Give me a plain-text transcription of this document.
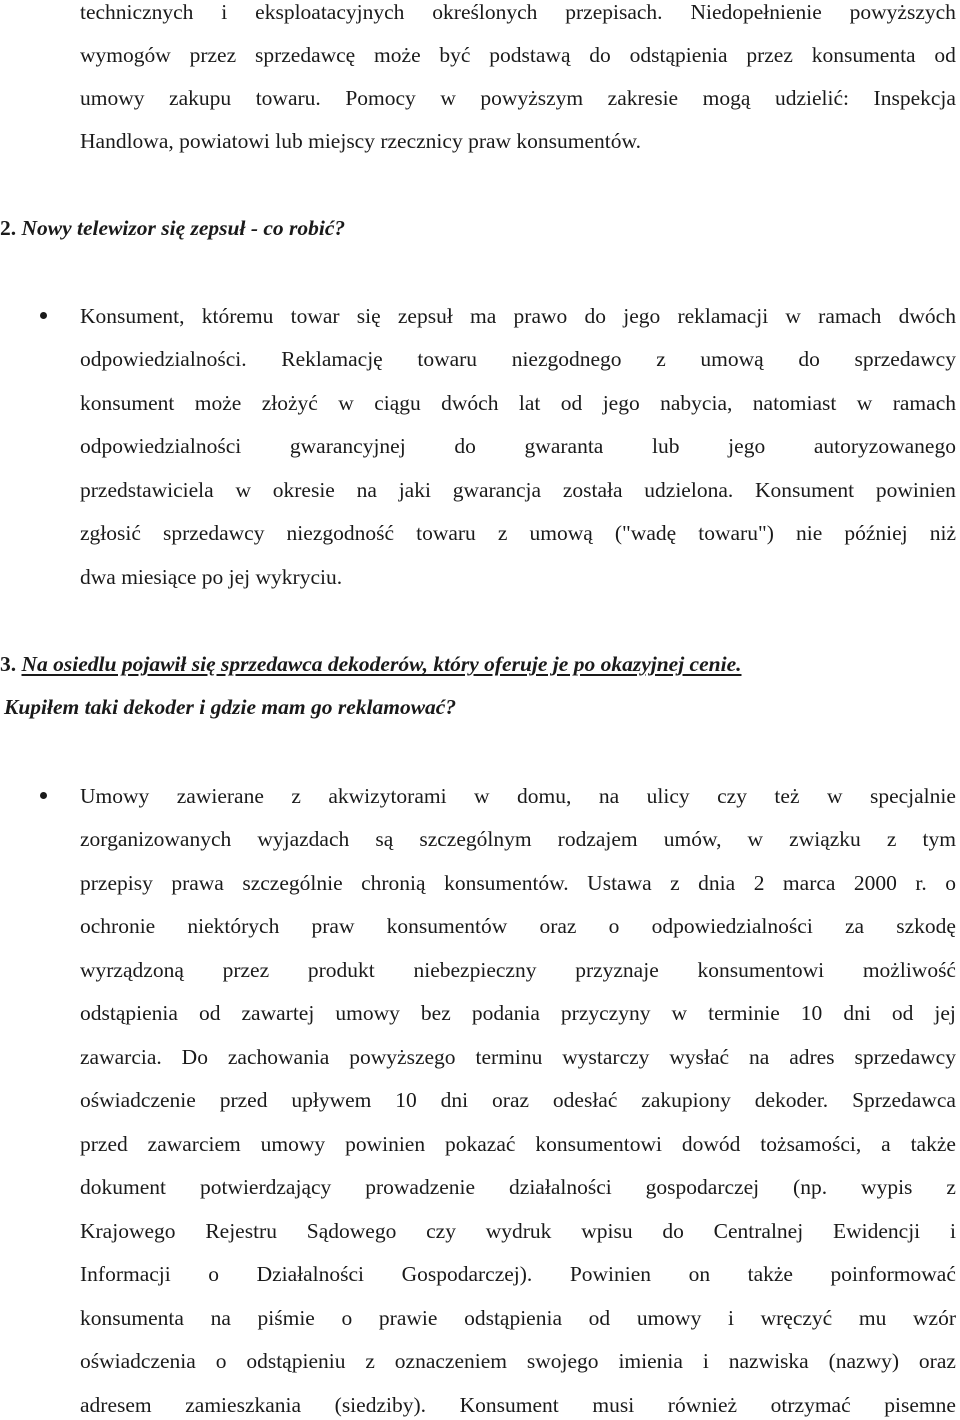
technicznych i eksploatacyjnych określonych przepisach. Niedopełnienie powyższych
wymogów przez sprzedawcę może być podstawą do odstąpienia przez konsumenta od
umowy zakupu towaru. Pomocy w powyższym zakresie mogą udzielić: Inspekcja
Handlowa, powiatowi lub miejscy rzecznicy praw konsumentów.
2. Nowy telewizor się zepsuł - co robić?
Konsument, któremu towar się zepsuł ma prawo do jego reklamacji w ramach dwóch
odpowiedzialności. Reklamację towaru niezgodnego z umową do sprzedawcy
konsument może złożyć w ciągu dwóch lat od jego nabycia, natomiast w ramach
odpowiedzialności gwarancyjnej do gwaranta lub jego autoryzowanego
przedstawiciela w okresie na jaki gwarancja została udzielona. Konsument powinien
zgłosić sprzedawcy niezgodność towaru z umową ("wadę towaru") nie później niż
dwa miesiące po jej wykryciu.
3. Na osiedlu pojawił się sprzedawca dekoderów, który oferuje je po okazyjnej cenie.
Kupiłem taki dekoder i gdzie mam go reklamować?
Umowy zawierane z akwizytorami w domu, na ulicy czy też w specjalnie
zorganizowanych wyjazdach są szczególnym rodzajem umów, w związku z tym
przepisy prawa szczególnie chronią konsumentów. Ustawa z dnia 2 marca 2000 r. o
ochronie niektórych praw konsumentów oraz o odpowiedzialności za szkodę
wyrządzoną przez produkt niebezpieczny przyznaje konsumentowi możliwość
odstąpienia od zawartej umowy bez podania przyczyny w terminie 10 dni od jej
zawarcia. Do zachowania powyższego terminu wystarczy wysłać na adres sprzedawcy
oświadczenie przed upływem 10 dni oraz odesłać zakupiony dekoder. Sprzedawca
przed zawarciem umowy powinien pokazać konsumentowi dowód tożsamości, a także
dokument potwierdzający prowadzenie działalności gospodarczej (np. wypis z
Krajowego Rejestru Sądowego czy wydruk wpisu do Centralnej Ewidencji i
Informacji o Działalności Gospodarczej). Powinien on także poinformować
konsumenta na piśmie o prawie odstąpienia od umowy i wręczyć mu wzór
oświadczenia o odstąpieniu z oznaczeniem swojego imienia i nazwiska (nazwy) oraz
adresem zamieszkania (siedziby). Konsument musi również otrzymać pisemne
